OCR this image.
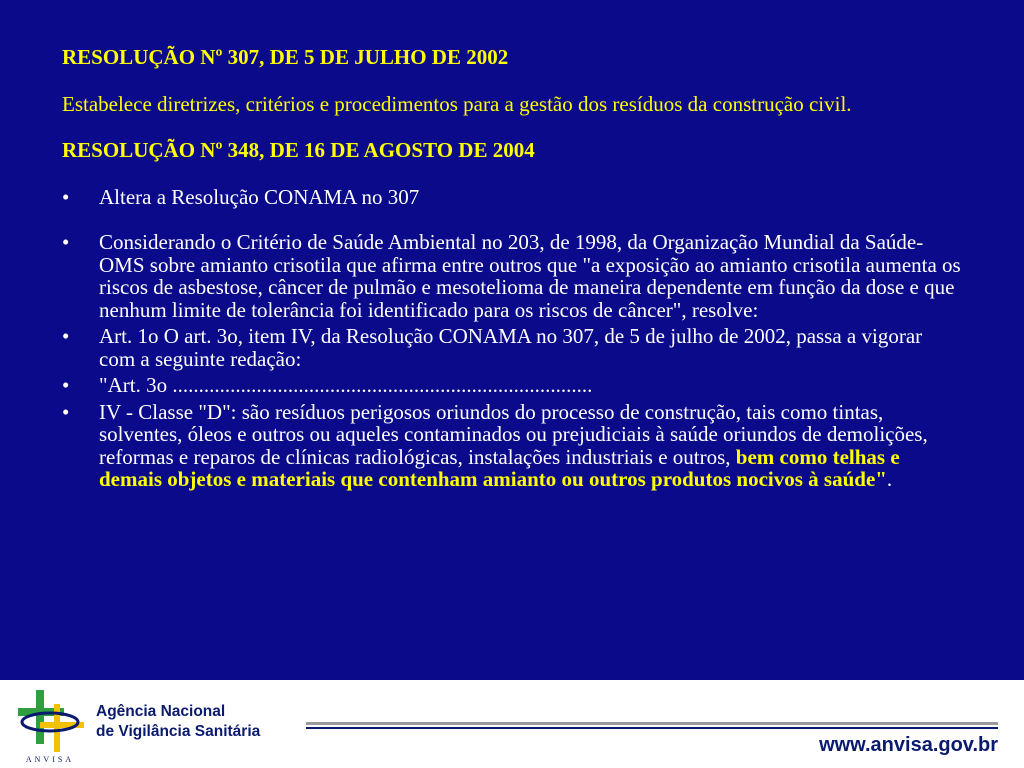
RESOLUÇÃO Nº 307, DE 5 DE JULHO DE 2002
Estabelece diretrizes, critérios e procedimentos para a gestão dos resíduos da construção civil.
RESOLUÇÃO Nº 348, DE 16 DE AGOSTO DE 2004
•	Altera a Resolução CONAMA no 307
•	Considerando o Critério de Saúde Ambiental no 203, de 1998, da Organização Mundial da Saúde-OMS sobre amianto crisotila que afirma entre outros que "a exposição ao amianto crisotila aumenta os riscos de asbestose, câncer de pulmão e mesotelioma de maneira dependente em função da dose e que nenhum limite de tolerância foi identificado para os riscos de câncer", resolve:
•	Art. 1o O art. 3o, item IV, da Resolução CONAMA no 307, de 5 de julho de 2002, passa a vigorar com a seguinte redação:
•	"Art. 3o ................................................................................
•	IV - Classe "D": são resíduos perigosos oriundos do processo de construção, tais como tintas, solventes, óleos e outros ou aqueles contaminados ou prejudiciais à saúde oriundos de demolições, reformas e reparos de clínicas radiológicas, instalações industriais e outros, bem como telhas e demais objetos e materiais que contenham amianto ou outros produtos nocivos à saúde".
ANVISA
Agência Nacional
de Vigilância Sanitária
www.anvisa.gov.br
